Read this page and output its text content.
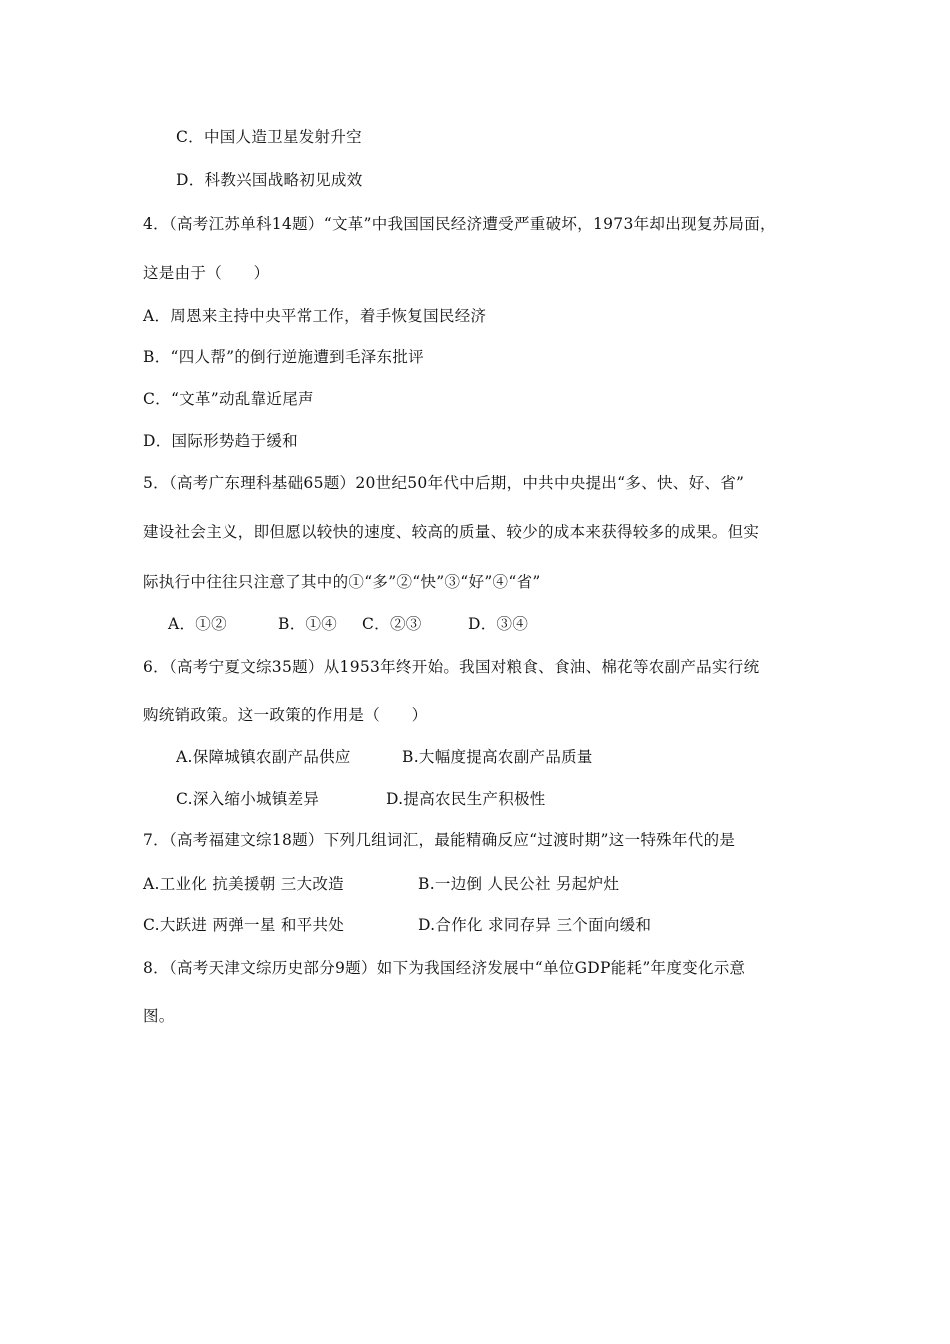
C．中国人造卫星发射升空
D．科教兴国战略初见成效
4．（高考江苏单科14题）“文革”中我国国民经济遭受严重破坏，1973年却出现复苏局面，
这是由于（　　）
A．周恩来主持中央平常工作，着手恢复国民经济
B．“四人帮”的倒行逆施遭到毛泽东批评
C．“文革”动乱靠近尾声
D．国际形势趋于缓和
5．（高考广东理科基础65题）20世纪50年代中后期，中共中央提出“多、快、好、省”
建设社会主义，即但愿以较快的速度、较高的质量、较少的成本来获得较多的成果。但实
际执行中往往只注意了其中的①“多”②“快”③“好”④“省”
A．①②	B．①④ C．②③	D．③④
6．（高考宁夏文综35题）从1953年终开始。我国对粮食、食油、棉花等农副产品实行统
购统销政策。这一政策的作用是（　　）
A.保障城镇农副产品供应	B.大幅度提高农副产品质量
C.深入缩小城镇差异	D.提高农民生产积极性
7．（高考福建文综18题）下列几组词汇，最能精确反应“过渡时期”这一特殊年代的是
A.工业化 抗美援朝 三大改造	B.一边倒 人民公社 另起炉灶
C.大跃进 两弹一星 和平共处	D.合作化 求同存异 三个面向缓和
8．（高考天津文综历史部分9题）如下为我国经济发展中“单位GDP能耗”年度变化示意
图。
